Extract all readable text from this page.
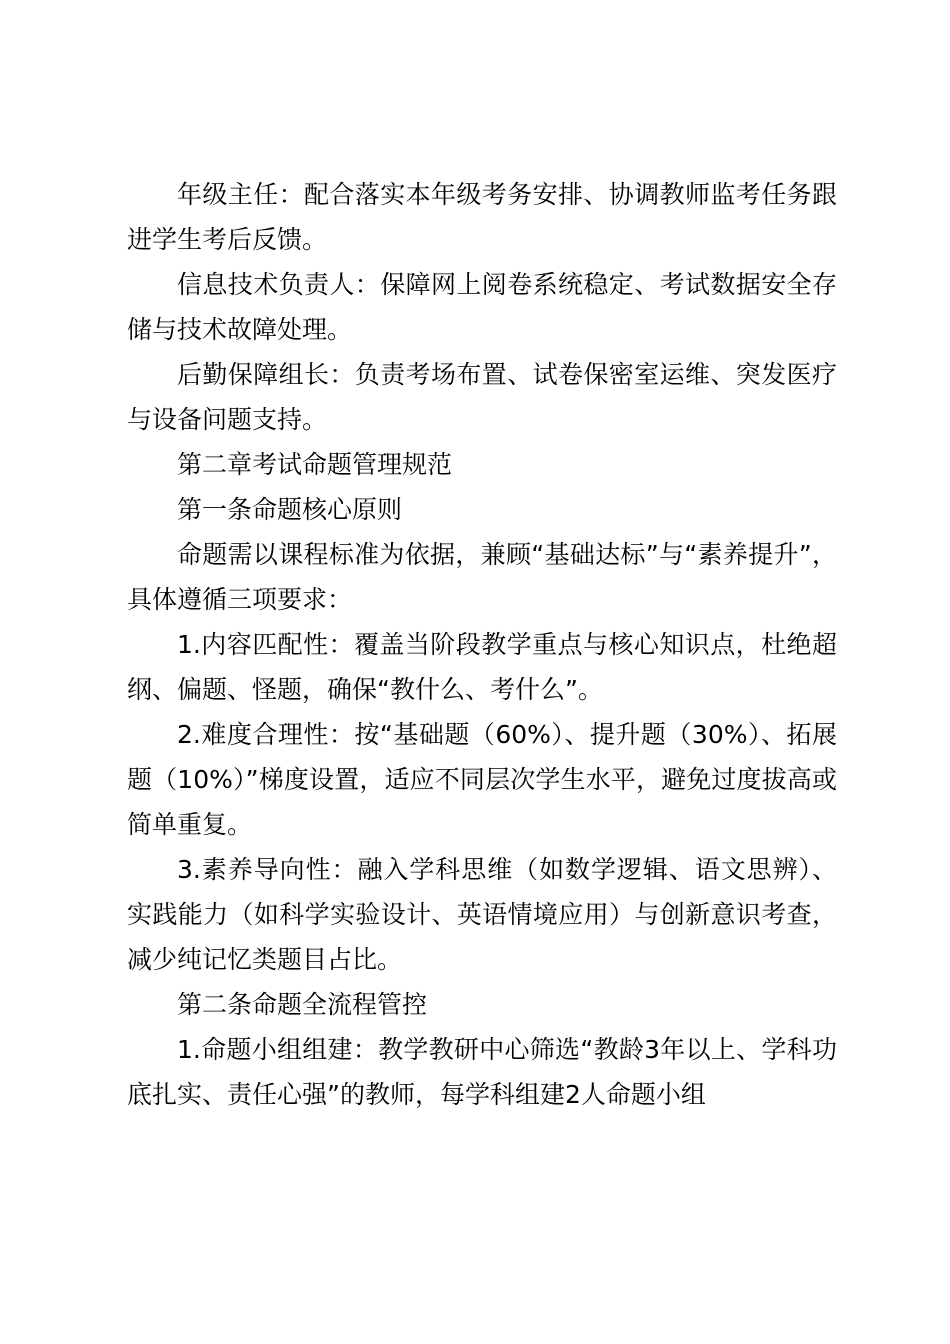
年级主任：配合落实本年级考务安排、协调教师监考任务跟进学生考后反馈。

信息技术负责人：保障网上阅卷系统稳定、考试数据安全存储与技术故障处理。

后勤保障组长：负责考场布置、试卷保密室运维、突发医疗与设备问题支持。

第二章考试命题管理规范

第一条命题核心原则

命题需以课程标准为依据，兼顾“基础达标”与“素养提升”，具体遵循三项要求：

1.内容匹配性：覆盖当阶段教学重点与核心知识点，杜绝超纲、偏题、怪题，确保“教什么、考什么”。

2.难度合理性：按“基础题（60%）、提升题（30%）、拓展题（10%）”梯度设置，适应不同层次学生水平，避免过度拔高或简单重复。

3.素养导向性：融入学科思维（如数学逻辑、语文思辨）、实践能力（如科学实验设计、英语情境应用）与创新意识考查，减少纯记忆类题目占比。

第二条命题全流程管控

1.命题小组组建：教学教研中心筛选“教龄3年以上、学科功底扎实、责任心强”的教师，每学科组建2人命题小组
